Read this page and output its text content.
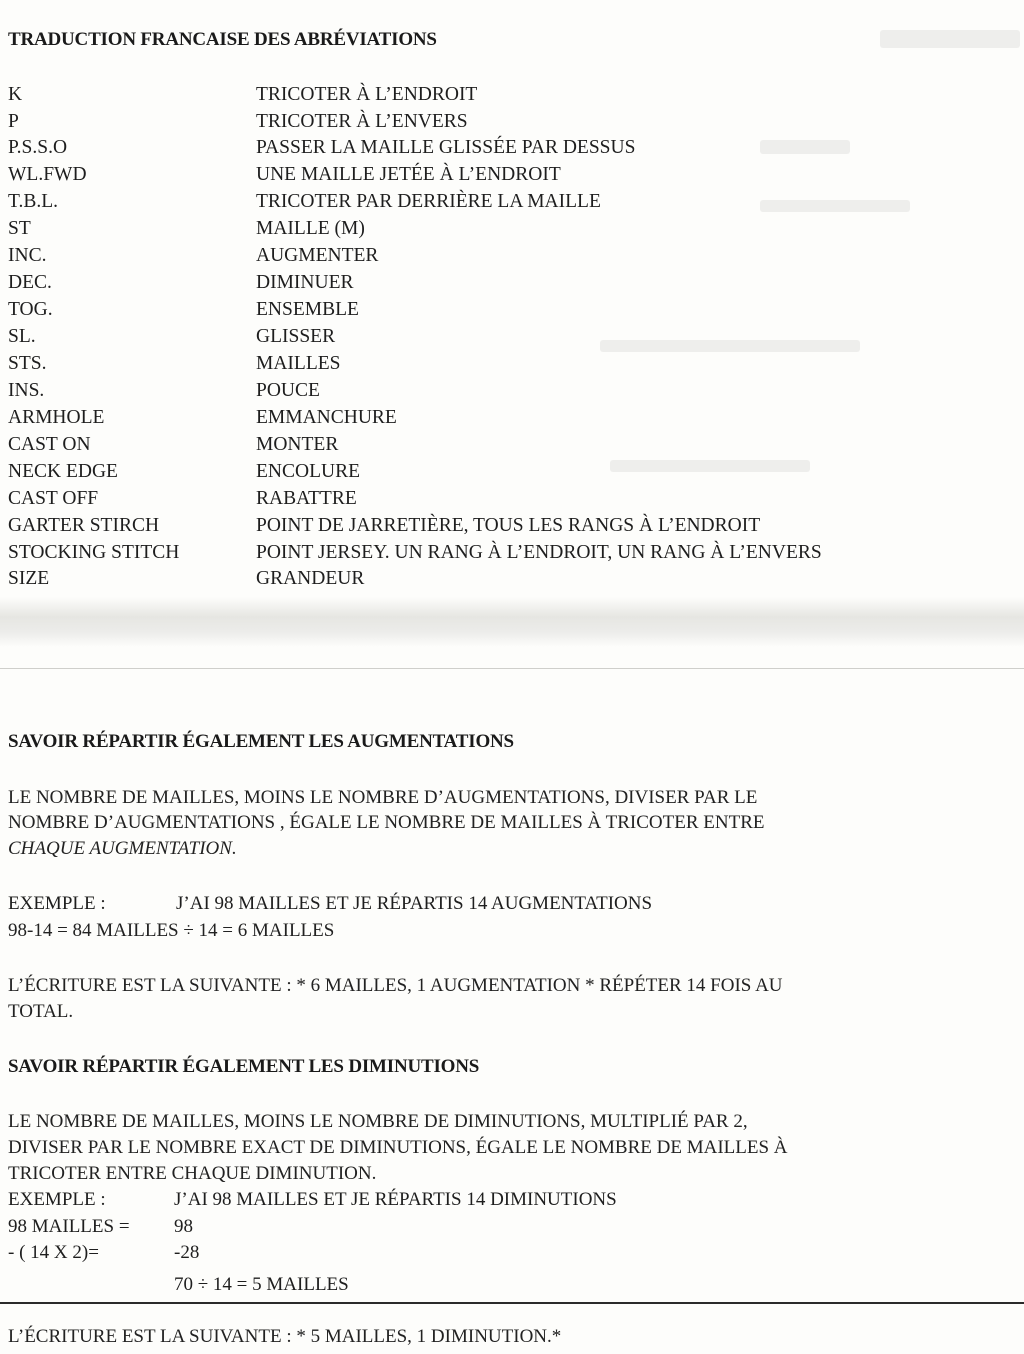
TRADUCTION FRANCAISE DES ABRÉVIATIONS
K	TRICOTER À L’ENDROIT
P	TRICOTER À L’ENVERS
P.S.S.O	PASSER LA MAILLE GLISSÉE PAR DESSUS
WL.FWD	UNE MAILLE JETÉE À L’ENDROIT
T.B.L.	TRICOTER PAR DERRIÈRE LA MAILLE
ST	MAILLE (M)
INC.	AUGMENTER
DEC.	DIMINUER
TOG.	ENSEMBLE
SL.	GLISSER
STS.	MAILLES
INS.	POUCE
ARMHOLE	EMMANCHURE
CAST ON	MONTER
NECK EDGE	ENCOLURE
CAST OFF	RABATTRE
GARTER STIRCH	POINT DE JARRETIÈRE, TOUS LES RANGS À L’ENDROIT
STOCKING STITCH	POINT JERSEY. UN RANG À L’ENDROIT, UN RANG À L’ENVERS
SIZE	GRANDEUR
SAVOIR RÉPARTIR ÉGALEMENT LES AUGMENTATIONS
LE NOMBRE DE MAILLES, MOINS LE NOMBRE D’AUGMENTATIONS, DIVISER PAR LE
NOMBRE D’AUGMENTATIONS , ÉGALE LE NOMBRE DE MAILLES À TRICOTER ENTRE
CHAQUE AUGMENTATION.
EXEMPLE :	J’AI 98 MAILLES ET JE RÉPARTIS 14 AUGMENTATIONS
98-14 = 84 MAILLES ÷ 14 = 6 MAILLES
L’ÉCRITURE EST LA SUIVANTE : * 6 MAILLES, 1 AUGMENTATION * RÉPÉTER 14 FOIS AU
TOTAL.
SAVOIR RÉPARTIR ÉGALEMENT LES DIMINUTIONS
LE NOMBRE DE MAILLES, MOINS LE NOMBRE DE DIMINUTIONS, MULTIPLIÉ PAR 2,
DIVISER PAR LE NOMBRE EXACT DE DIMINUTIONS, ÉGALE LE NOMBRE DE MAILLES À
TRICOTER ENTRE CHAQUE DIMINUTION.
EXEMPLE :	J’AI 98 MAILLES ET JE RÉPARTIS 14 DIMINUTIONS
98 MAILLES = 98
- ( 14 X 2)=	-28
70 ÷ 14 = 5 MAILLES
L’ÉCRITURE EST LA SUIVANTE : * 5 MAILLES, 1 DIMINUTION.*
